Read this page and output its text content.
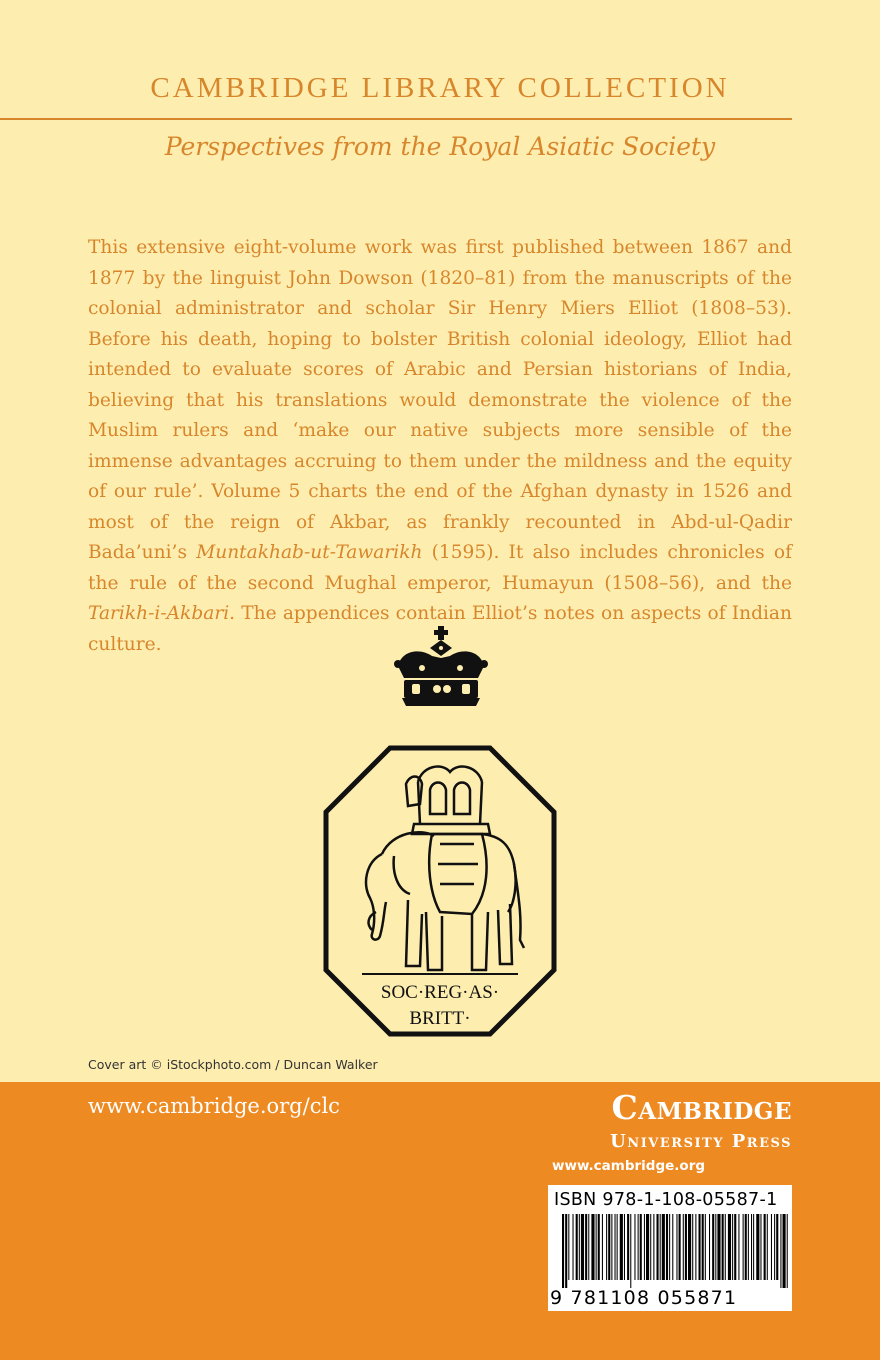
CAMBRIDGE LIBRARY COLLECTION
Perspectives from the Royal Asiatic Society
This extensive eight-volume work was first published between 1867 and 1877 by the linguist John Dowson (1820–81) from the manuscripts of the colonial administrator and scholar Sir Henry Miers Elliot (1808–53). Before his death, hoping to bolster British colonial ideology, Elliot had intended to evaluate scores of Arabic and Persian historians of India, believing that his translations would demonstrate the violence of the Muslim rulers and ‘make our native subjects more sensible of the immense advantages accruing to them under the mildness and the equity of our rule’. Volume 5 charts the end of the Afghan dynasty in 1526 and most of the reign of Akbar, as frankly recounted in Abd-ul-Qadir Bada’uni’s Muntakhab-ut-Tawarikh (1595). It also includes chronicles of the rule of the second Mughal emperor, Humayun (1508–56), and the Tarikh-i-Akbari. The appendices contain Elliot’s notes on aspects of Indian culture.
SOC·REG·AS·
BRITT·
Cover art © iStockphoto.com / Duncan Walker
www.cambridge.org/clc	Cambridge
University Press
www.cambridge.org
ISBN 978-1-108-05587-1
9 781108 055871
